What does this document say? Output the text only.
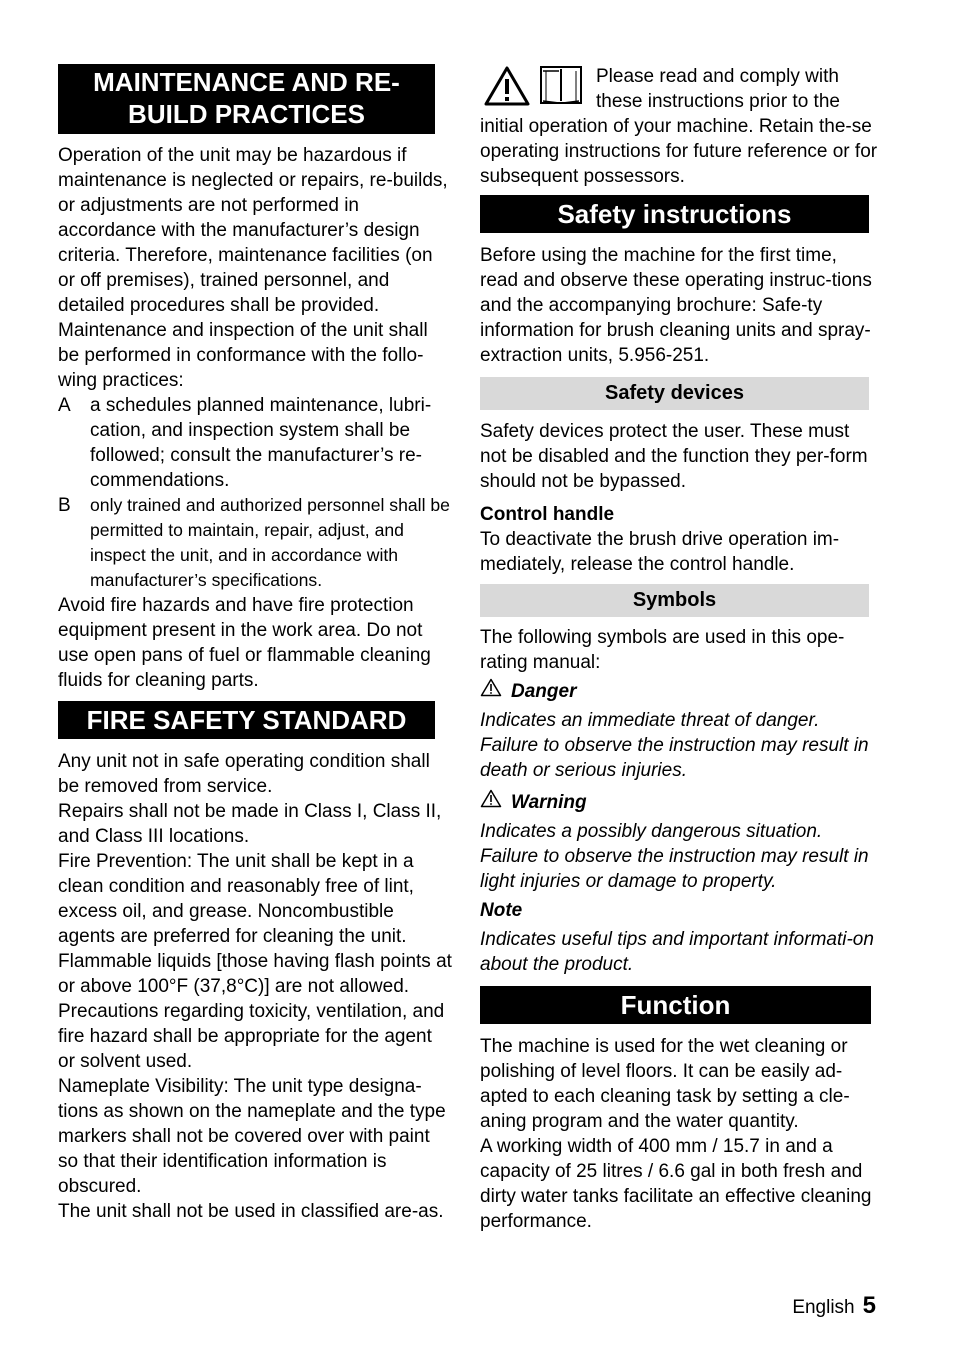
MAINTENANCE AND RE-
BUILD PRACTICES

Operation of the unit may be hazardous if maintenance is neglected or repairs, re-builds, or adjustments are not performed in accordance with the manufacturer’s design criteria. Therefore, maintenance facilities (on or off premises), trained personnel, and detailed procedures shall be provided.

Maintenance and inspection of the unit shall be performed in conformance with the follo-wing practices:

A	a schedules planned maintenance, lubri-cation, and inspection system shall be followed; consult the manufacturer’s re-commendations.
B	only trained and authorized personnel shall be permitted to maintain, repair, adjust, and inspect the unit, and in accordance with manufacturer’s specifications.

Avoid fire hazards and have fire protection equipment present in the work area. Do not use open pans of fuel or flammable cleaning fluids for cleaning parts.

FIRE SAFETY STANDARD

Any unit not in safe operating condition shall be removed from service.

Repairs shall not be made in Class I, Class II, and Class III locations.

Fire Prevention: The unit shall be kept in a clean condition and reasonably free of lint, excess oil, and grease. Noncombustible agents are preferred for cleaning the unit. Flammable liquids [those having flash points at or above 100°F (37,8°C)] are not allowed. Precautions regarding toxicity, ventilation, and fire hazard shall be appropriate for the agent or solvent used.

Nameplate Visibility: The unit type designa-tions as shown on the nameplate and the type markers shall not be covered over with paint so that their identification information is obscured.

The unit shall not be used in classified are-as.

Please read and comply with these instructions prior to the

initial operation of your machine. Retain the-se operating instructions for future reference or for subsequent possessors.

Safety instructions

Before using the machine for the first time, read and observe these operating instruc-tions and the accompanying brochure: Safe-ty information for brush cleaning units and spray-extraction units, 5.956-251.

Safety devices

Safety devices protect the user. These must not be disabled and the function they per-form should not be bypassed.

Control handle

To deactivate the brush drive operation im-mediately, release the control handle.

Symbols

The following symbols are used in this ope-rating manual:

Danger

Indicates an immediate threat of danger. Failure to observe the instruction may result in death or serious injuries.

Warning

Indicates a possibly dangerous situation. Failure to observe the instruction may result in light injuries or damage to property.

Note

Indicates useful tips and important informati-on about the product.

Function

The machine is used for the wet cleaning or polishing of level floors. It can be easily ad-apted to each cleaning task by setting a cle-aning program and the water quantity.

A working width of 400 mm / 15.7 in and a capacity of 25 litres / 6.6 gal in both fresh and dirty water tanks facilitate an effective cleaning performance.

English 5
